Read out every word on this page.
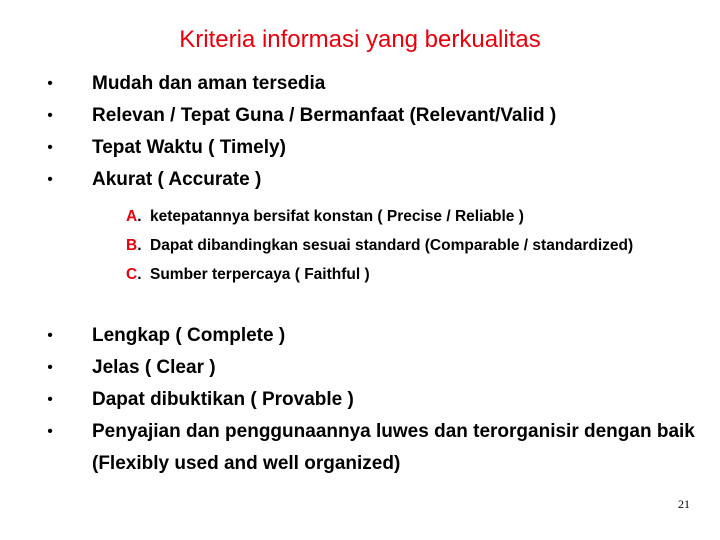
Kriteria informasi yang berkualitas
• Mudah dan aman tersedia
• Relevan / Tepat Guna / Bermanfaat (Relevant/Valid )
• Tepat Waktu ( Timely)
• Akurat ( Accurate )
A. ketepatannya bersifat konstan ( Precise / Reliable )
B. Dapat dibandingkan sesuai standard (Comparable / standardized)
C. Sumber terpercaya ( Faithful )
• Lengkap ( Complete )
• Jelas ( Clear )
• Dapat dibuktikan ( Provable )
• Penyajian dan penggunaannya luwes dan terorganisir dengan baik (Flexibly used and well organized)
21
